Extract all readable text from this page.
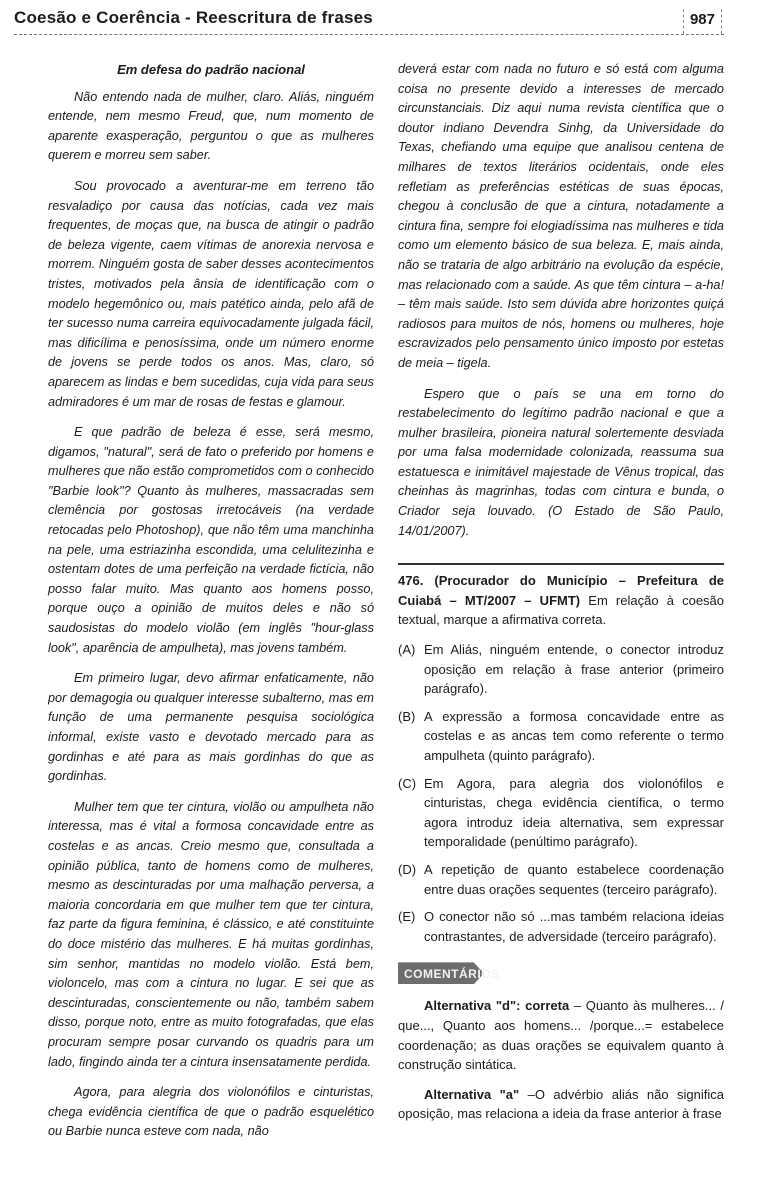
Coesão e Coerência - Reescritura de frases	987
Em defesa do padrão nacional

Não entendo nada de mulher, claro. Aliás, ninguém entende, nem mesmo Freud, que, num momento de aparente exasperação, perguntou o que as mulheres querem e morreu sem saber.

Sou provocado a aventurar-me em terreno tão resvaladiço por causa das notícias, cada vez mais frequentes, de moças que, na busca de atingir o padrão de beleza vigente, caem vítimas de anorexia nervosa e morrem. Ninguém gosta de saber desses acontecimentos tristes, motivados pela ânsia de identificação com o modelo hegemônico ou, mais patético ainda, pelo afã de ter sucesso numa carreira equivocadamente julgada fácil, mas dificílima e penosíssima, onde um número enorme de jovens se perde todos os anos. Mas, claro, só aparecem as lindas e bem sucedidas, cuja vida para seus admiradores é um mar de rosas de festas e glamour.

E que padrão de beleza é esse, será mesmo, digamos, "natural", será de fato o preferido por homens e mulheres que não estão comprometidos com o conhecido "Barbie look"? Quanto às mulheres, massacradas sem clemência por gostosas irretocáveis (na verdade retocadas pelo Photoshop), que não têm uma manchinha na pele, uma estriazinha escondida, uma celulitezinha e ostentam dotes de uma perfeição na verdade fictícia, não posso falar muito. Mas quanto aos homens posso, porque ouço a opinião de muitos deles e não só saudosistas do modelo violão (em inglês "hour-glass look", aparência de ampulheta), mas jovens também.

Em primeiro lugar, devo afirmar enfaticamente, não por demagogia ou qualquer interesse subalterno, mas em função de uma permanente pesquisa sociológica informal, existe vasto e devotado mercado para as gordinhas e até para as mais gordinhas do que as gordinhas.

Mulher tem que ter cintura, violão ou ampulheta não interessa, mas é vital a formosa concavidade entre as costelas e as ancas. Creio mesmo que, consultada a opinião pública, tanto de homens como de mulheres, mesmo as descinturadas por uma malhação perversa, a maioria concordaria em que mulher tem que ter cintura, faz parte da figura feminina, é clássico, e até constituinte do doce mistério das mulheres. E há muitas gordinhas, sim senhor, mantidas no modelo violão. Está bem, violoncelo, mas com a cintura no lugar. E sei que as descinturadas, conscientemente ou não, também sabem disso, porque noto, entre as muito fotografadas, que elas procuram sempre posar curvando os quadris para um lado, fingindo ainda ter a cintura insensatamente perdida.

Agora, para alegria dos violonófilos e cinturistas, chega evidência científica de que o padrão esquelético ou Barbie nunca esteve com nada, não

deverá estar com nada no futuro e só está com alguma coisa no presente devido a interesses de mercado circunstanciais. Diz aqui numa revista científica que o doutor indiano Devendra Sinhg, da Universidade do Texas, chefiando uma equipe que analisou centena de milhares de textos literários ocidentais, onde eles refletiam as preferências estéticas de suas épocas, chegou à conclusão de que a cintura, notadamente a cintura fina, sempre foi elogiadíssima nas mulheres e tida como um elemento básico de sua beleza. E, mais ainda, não se trataria de algo arbitrário na evolução da espécie, mas relacionado com a saúde. As que têm cintura – a-ha! – têm mais saúde. Isto sem dúvida abre horizontes quiçá radiosos para muitos de nós, homens ou mulheres, hoje escravizados pelo pensamento único imposto por estetas de meia – tigela.

Espero que o país se una em torno do restabelecimento do legítimo padrão nacional e que a mulher brasileira, pioneira natural solertemente desviada por uma falsa modernidade colonizada, reassuma sua estatuesca e inimitável majestade de Vênus tropical, das cheinhas às magrinhas, todas com cintura e bunda, o Criador seja louvado. (O Estado de São Paulo, 14/01/2007).

476. (Procurador do Município – Prefeitura de Cuiabá – MT/2007 – UFMT) Em relação à coesão textual, marque a afirmativa correta.

(A) Em Aliás, ninguém entende, o conector introduz oposição em relação à frase anterior (primeiro parágrafo).
(B) A expressão a formosa concavidade entre as costelas e as ancas tem como referente o termo ampulheta (quinto parágrafo).
(C) Em Agora, para alegria dos violonófilos e cinturistas, chega evidência científica, o termo agora introduz ideia alternativa, sem expressar temporalidade (penúltimo parágrafo).
(D) A repetição de quanto estabelece coordenação entre duas orações sequentes (terceiro parágrafo).
(E) O conector não só ...mas também relaciona ideias contrastantes, de adversidade (terceiro parágrafo).
COMENTÁRIOS

Alternativa "d": correta – Quanto às mulheres... / que..., Quanto aos homens... /porque...= estabelece coordenação; as duas orações se equivalem quanto à construção sintática.

Alternativa "a" –O advérbio aliás não significa oposição, mas relaciona a ideia da frase anterior à frase
